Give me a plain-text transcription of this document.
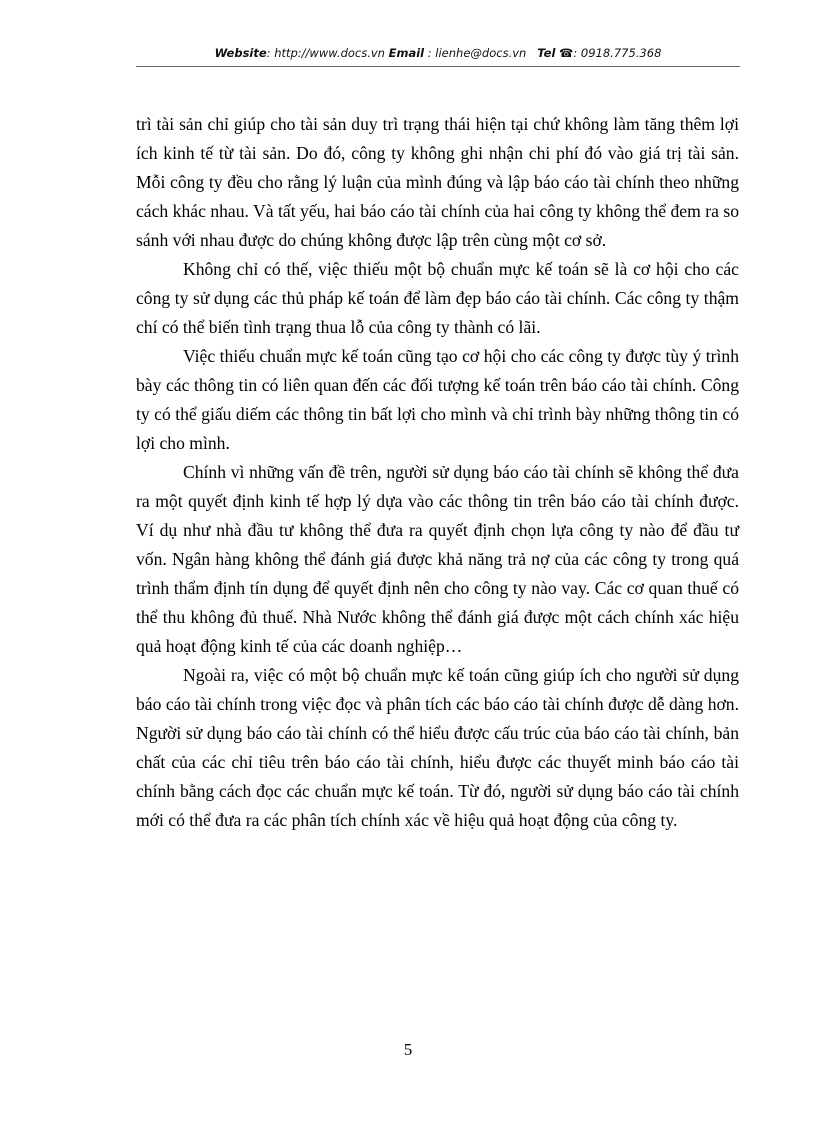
Website: http://www.docs.vn Email : lienhe@docs.vn Tel ☎: 0918.775.368

trì tài sản chỉ giúp cho tài sản duy trì trạng thái hiện tại chứ không làm tăng thêm lợi ích kinh tế từ tài sản. Do đó, công ty không ghi nhận chi phí đó vào giá trị tài sản. Mỗi công ty đều cho rằng lý luận của mình đúng và lập báo cáo tài chính theo những cách khác nhau. Và tất yếu, hai báo cáo tài chính của hai công ty không thể đem ra so sánh với nhau được do chúng không được lập trên cùng một cơ sở.

Không chỉ có thế, việc thiếu một bộ chuẩn mực kế toán sẽ là cơ hội cho các công ty sử dụng các thủ pháp kế toán để làm đẹp báo cáo tài chính. Các công ty thậm chí có thể biến tình trạng thua lỗ của công ty thành có lãi.

Việc thiếu chuẩn mực kế toán cũng tạo cơ hội cho các công ty được tùy ý trình bày các thông tin có liên quan đến các đối tượng kế toán trên báo cáo tài chính. Công ty có thể giấu diếm các thông tin bất lợi cho mình và chỉ trình bày những thông tin có lợi cho mình.

Chính vì những vấn đề trên, người sử dụng báo cáo tài chính sẽ không thể đưa ra một quyết định kinh tế hợp lý dựa vào các thông tin trên báo cáo tài chính được. Ví dụ như nhà đầu tư không thể đưa ra quyết định chọn lựa công ty nào để đầu tư vốn. Ngân hàng không thể đánh giá được khả năng trả nợ của các công ty trong quá trình thẩm định tín dụng để quyết định nên cho công ty nào vay. Các cơ quan thuế có thể thu không đủ thuế. Nhà Nước không thể đánh giá được một cách chính xác hiệu quả hoạt động kinh tế của các doanh nghiệp…

Ngoài ra, việc có một bộ chuẩn mực kế toán cũng giúp ích cho người sử dụng báo cáo tài chính trong việc đọc và phân tích các báo cáo tài chính được dễ dàng hơn. Người sử dụng báo cáo tài chính có thể hiểu được cấu trúc của báo cáo tài chính, bản chất của các chỉ tiêu trên báo cáo tài chính, hiểu được các thuyết minh báo cáo tài chính bằng cách đọc các chuẩn mực kế toán. Từ đó, người sử dụng báo cáo tài chính mới có thể đưa ra các phân tích chính xác về hiệu quả hoạt động của công ty.

5
